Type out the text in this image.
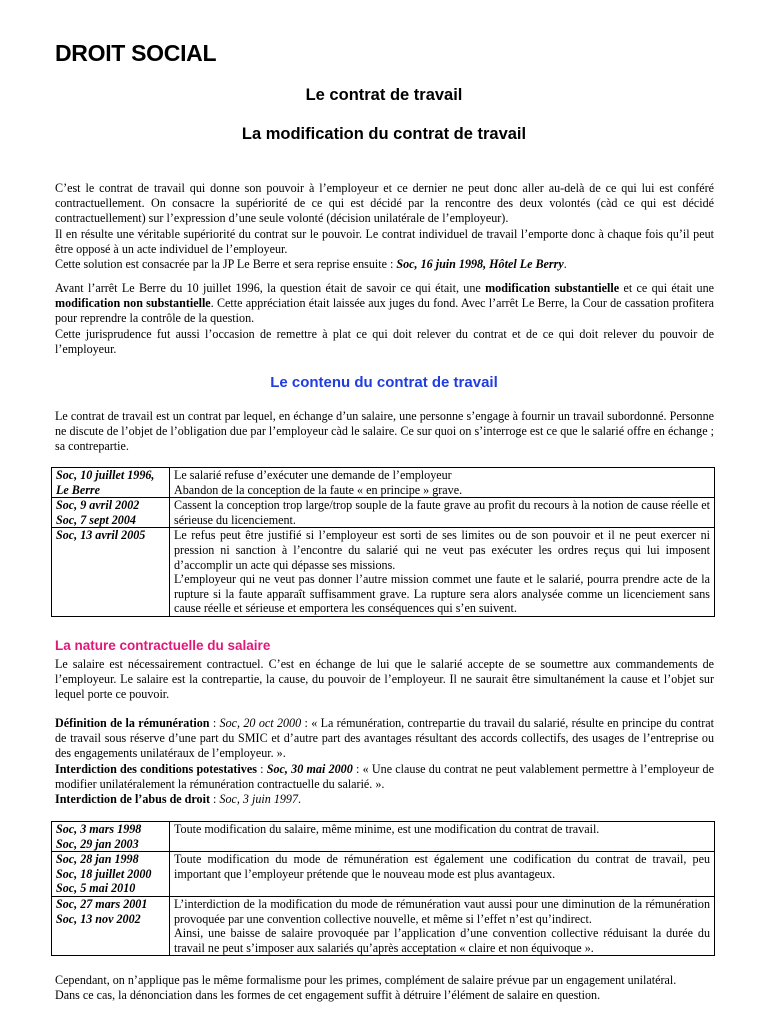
DROIT SOCIAL
Le contrat de travail
La modification du contrat de travail

C’est le contrat de travail qui donne son pouvoir à l’employeur et ce dernier ne peut donc aller au-delà de ce qui lui est conféré contractuellement. On consacre la supériorité de ce qui est décidé par la rencontre des deux volontés (càd ce qui est décidé contractuellement) sur l’expression d’une seule volonté (décision unilatérale de l’employeur).

Il en résulte une véritable supériorité du contrat sur le pouvoir. Le contrat individuel de travail l’emporte donc à chaque fois qu’il peut être opposé à un acte individuel de l’employeur.

Cette solution est consacrée par la JP Le Berre et sera reprise ensuite : Soc, 16 juin 1998, Hôtel Le Berry.

Avant l’arrêt Le Berre du 10 juillet 1996, la question était de savoir ce qui était, une modification substantielle et ce qui était une modification non substantielle. Cette appréciation était laissée aux juges du fond. Avec l’arrêt Le Berre, la Cour de cassation profitera pour reprendre la contrôle de la question.

Cette jurisprudence fut aussi l’occasion de remettre à plat ce qui doit relever du contrat et de ce qui doit relever du pouvoir de l’employeur.

Le contenu du contrat de travail
Le contrat de travail est un contrat par lequel, en échange d’un salaire, une personne s’engage à fournir un travail subordonné. Personne ne discute de l’objet de l’obligation due par l’employeur càd le salaire. Ce sur quoi on s’interroge est ce que le salarié offre en échange ; sa contrepartie.
Soc, 10 juillet 1996,
Le Berre	Le salarié refuse d’exécuter une demande de l’employeur
Abandon de la conception de la faute « en principe » grave.

Soc, 9 avril 2002
Soc, 7 sept 2004	Cassent la conception trop large/trop souple de la faute grave au profit du recours à la notion de cause réelle et sérieuse du licenciement.

Soc, 13 avril 2005	Le refus peut être justifié si l’employeur est sorti de ses limites ou de son pouvoir et il ne peut exercer ni pression ni sanction à l’encontre du salarié qui ne veut pas exécuter les ordres reçus qui lui imposent d’accomplir un acte qui dépasse ses missions.
L’employeur qui ne veut pas donner l’autre mission commet une faute et le salarié, pourra prendre acte de la rupture si la faute apparaît suffisamment grave. La rupture sera alors analysée comme un licenciement sans cause réelle et sérieuse et emportera les conséquences qui s’en suivent.
La nature contractuelle du salaire
Le salaire est nécessairement contractuel. C’est en échange de lui que le salarié accepte de se soumettre aux commandements de l’employeur. Le salaire est la contrepartie, la cause, du pouvoir de l’employeur. Il ne saurait être simultanément la cause et l’objet sur lequel porte ce pouvoir.

Définition de la rémunération : Soc, 20 oct 2000 : « La rémunération, contrepartie du travail du salarié, résulte en principe du contrat de travail sous réserve d’une part du SMIC et d’autre part des avantages résultant des accords collectifs, des usages de l’entreprise ou des engagements unilatéraux de l’employeur. ».

Interdiction des conditions potestatives : Soc, 30 mai 2000 : « Une clause du contrat ne peut valablement permettre à l’employeur de modifier unilatéralement la rémunération contractuelle du salarié. ».

Interdiction de l’abus de droit : Soc, 3 juin 1997.

Soc, 3 mars 1998
Soc, 29 jan 2003	Toute modification du salaire, même minime, est une modification du contrat de travail.

Soc, 28 jan 1998
Soc, 18 juillet 2000
Soc, 5 mai 2010	Toute modification du mode de rémunération est également une codification du contrat de travail, peu important que l’employeur prétende que le nouveau mode est plus avantageux.

Soc, 27 mars 2001
Soc, 13 nov 2002	L’interdiction de la modification du mode de rémunération vaut aussi pour une diminution de la rémunération provoquée par une convention collective nouvelle, et même si l’effet n’est qu’indirect.
Ainsi, une baisse de salaire provoquée par l’application d’une convention collective réduisant la durée du travail ne peut s’imposer aux salariés qu’après acceptation « claire et non équivoque ».

Cependant, on n’applique pas le même formalisme pour les primes, complément de salaire prévue par un engagement unilatéral.

Dans ce cas, la dénonciation dans les formes de cet engagement suffit à détruire l’élément de salaire en question.
